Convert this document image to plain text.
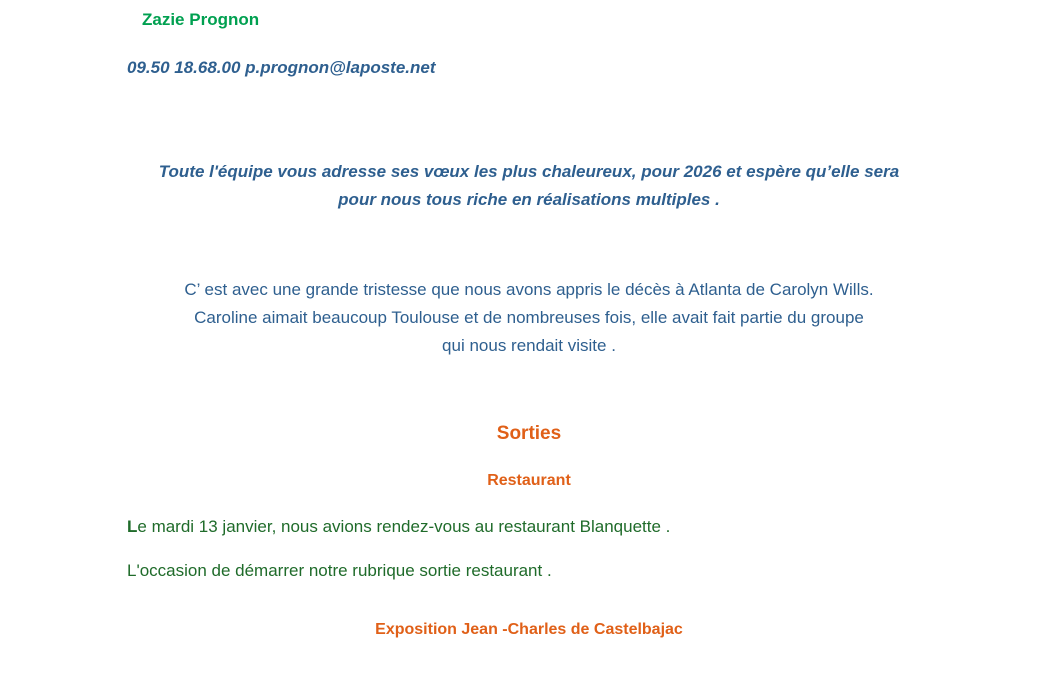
Zazie Prognon
09.50 18.68.00 p.prognon@laposte.net
Toute l'équipe vous adresse ses vœux les plus chaleureux, pour 2026 et espère qu’elle sera
pour nous tous riche en réalisations multiples .
C’ est avec une grande tristesse que nous avons appris le décès à Atlanta de Carolyn Wills.
Caroline aimait beaucoup Toulouse et de nombreuses fois, elle avait fait partie du groupe
qui nous rendait visite .
Sorties
Restaurant
Le mardi 13 janvier, nous avions rendez-vous au restaurant Blanquette .
L'occasion de démarrer notre rubrique sortie restaurant .
Exposition Jean -Charles de Castelbajac
